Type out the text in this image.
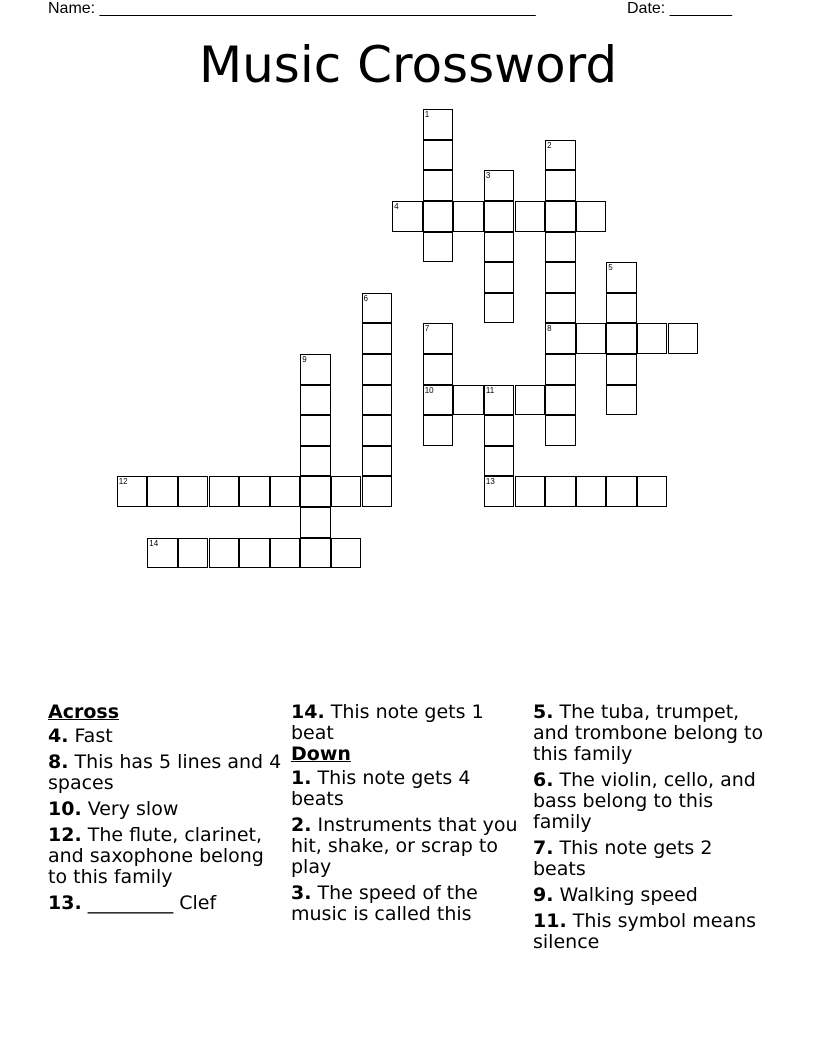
Name: _________________________________________________	Date: _______
Music Crossword
1
2
8
3
4
5
6
7
10
9
11
13
12
14
Across
4. Fast
8. This has 5 lines and 4 spaces
10. Very slow
12. The flute, clarinet, and saxophone belong to this family
13. _________ Clef
14. This note gets 1 beat
Down
1. This note gets 4 beats
2. Instruments that you hit, shake, or scrap to play
3. The speed of the music is called this
5. The tuba, trumpet, and trombone belong to this family
6. The violin, cello, and bass belong to this family
7. This note gets 2 beats
9. Walking speed
11. This symbol means silence
